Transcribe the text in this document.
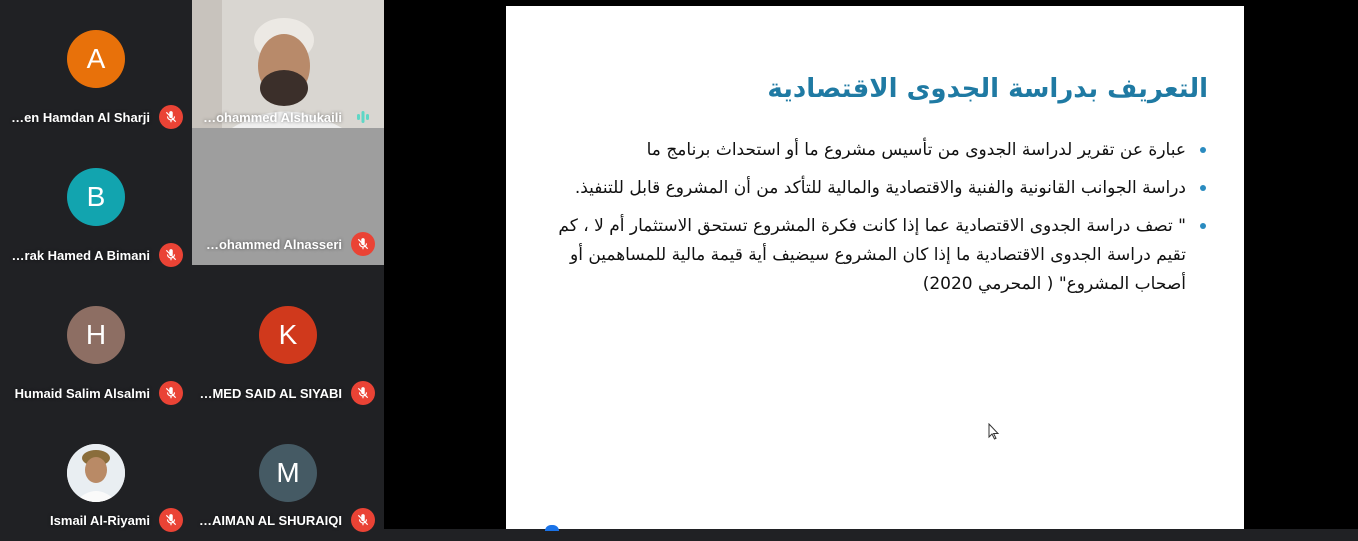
A
…en Hamdan Al Sharji	…ohammed Alshukaili
B
…rak Hamed A Bimani
…ohammed Alnasseri
H
Humaid Salim Alsalmi
K
…MED SAID AL SIYABI
Ismail Al-Riyami
M
…AIMAN AL SHURAIQI
التعريف بدراسة الجدوى الاقتصادية
عبارة عن تقرير لدراسة الجدوى من تأسيس مشروع ما أو استحداث برنامج ما
دراسة الجوانب القانونية والفنية والاقتصادية والمالية للتأكد من أن المشروع قابل للتنفيذ.
" تصف دراسة الجدوى الاقتصادية عما إذا كانت فكرة المشروع تستحق الاستثمار أم لا ، كم تقيم دراسة الجدوى الاقتصادية ما إذا كان المشروع سيضيف أية قيمة مالية للمساهمين أو أصحاب المشروع" ( المحرمي 2020)
